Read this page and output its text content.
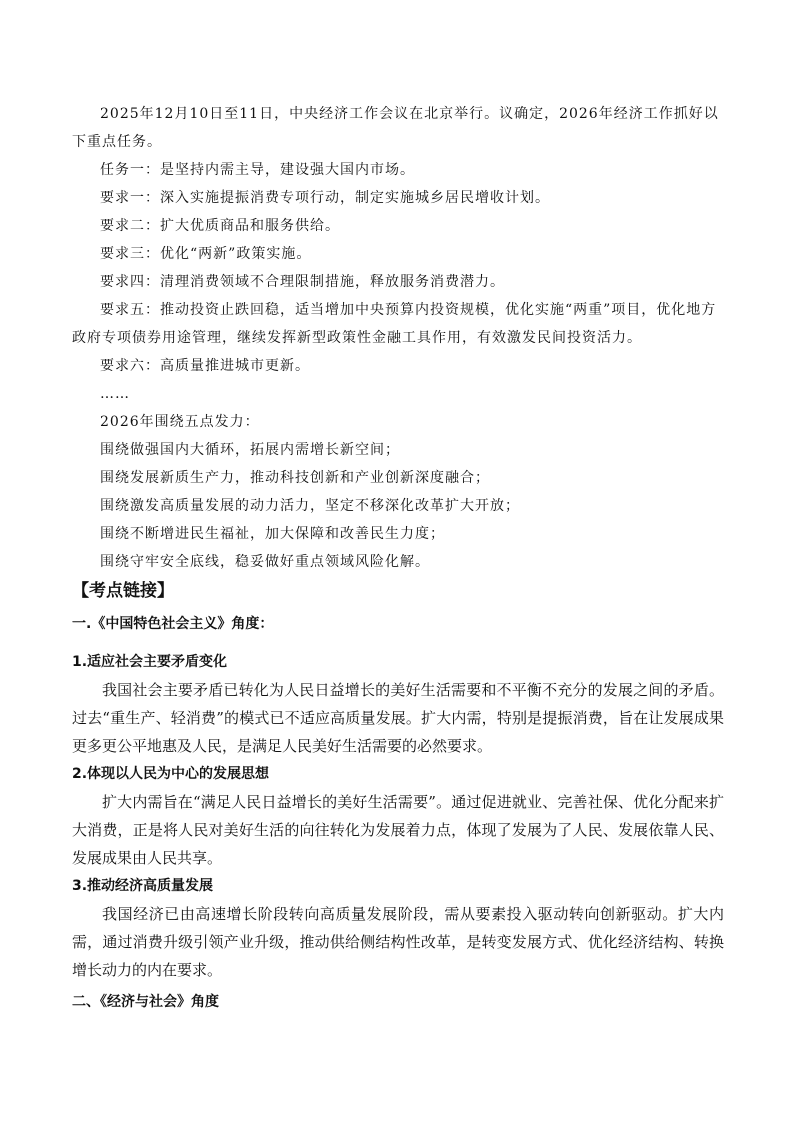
2025年12月10日至11日，中央经济工作会议在北京举行。议确定，2026年经济工作抓好以下重点任务。

任务一：是坚持内需主导，建设强大国内市场。

要求一：深入实施提振消费专项行动，制定实施城乡居民增收计划。

要求二：扩大优质商品和服务供给。

要求三：优化“两新”政策实施。

要求四：清理消费领域不合理限制措施，释放服务消费潜力。

要求五：推动投资止跌回稳，适当增加中央预算内投资规模，优化实施“两重”项目，优化地方政府专项债券用途管理，继续发挥新型政策性金融工具作用，有效激发民间投资活力。

要求六：高质量推进城市更新。

……

2026年围绕五点发力：

围绕做强国内大循环，拓展内需增长新空间；

围绕发展新质生产力，推动科技创新和产业创新深度融合；

围绕激发高质量发展的动力活力，坚定不移深化改革扩大开放；

围绕不断增进民生福祉，加大保障和改善民生力度；

围绕守牢安全底线，稳妥做好重点领域风险化解。

【考点链接】

一.《中国特色社会主义》角度：

1.适应社会主要矛盾变化

我国社会主要矛盾已转化为人民日益增长的美好生活需要和不平衡不充分的发展之间的矛盾。过去“重生产、轻消费”的模式已不适应高质量发展。扩大内需，特别是提振消费，旨在让发展成果更多更公平地惠及人民，是满足人民美好生活需要的必然要求。

2.体现以人民为中心的发展思想

扩大内需旨在“满足人民日益增长的美好生活需要”。通过促进就业、完善社保、优化分配来扩大消费，正是将人民对美好生活的向往转化为发展着力点，体现了发展为了人民、发展依靠人民、发展成果由人民共享。

3.推动经济高质量发展

我国经济已由高速增长阶段转向高质量发展阶段，需从要素投入驱动转向创新驱动。扩大内需，通过消费升级引领产业升级，推动供给侧结构性改革，是转变发展方式、优化经济结构、转换增长动力的内在要求。

二、《经济与社会》角度
